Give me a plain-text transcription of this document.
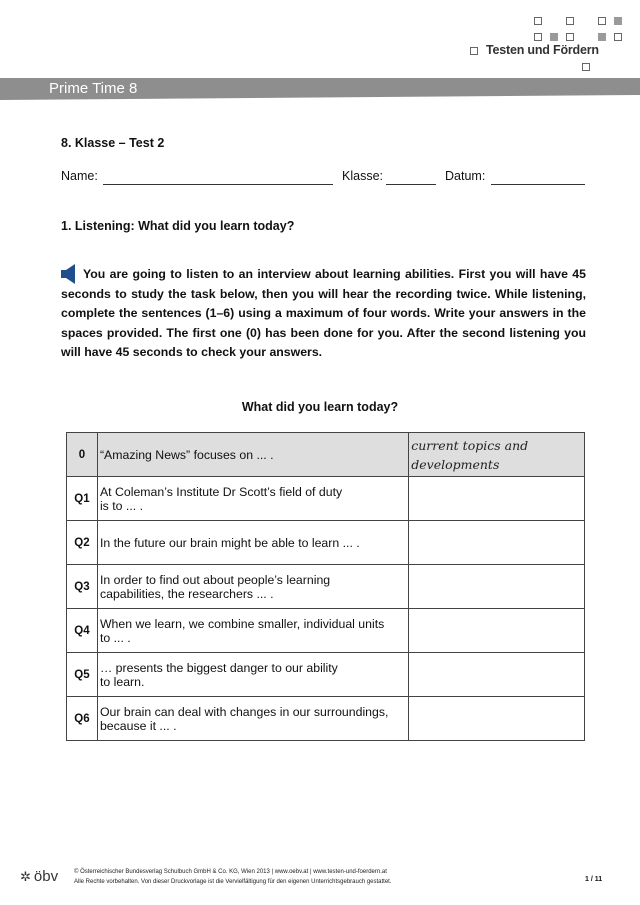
Testen und Fördern
Prime Time 8
8. Klasse – Test 2
Name:	Klasse:	Datum:
1. Listening: What did you learn today?
You are going to listen to an interview about learning abilities. First you will have 45 seconds to study the task below, then you will hear the recording twice. While listening, complete the sentences (1–6) using a maximum of four words. Write your answers in the spaces provided. The first one (0) has been done for you. After the second listening you will have 45 seconds to check your answers.
What did you learn today?
0	“Amazing News” focuses on ... .	current topics and developments

Q1	At Coleman’s Institute Dr Scott’s field of duty
is to ... .	

Q2	In the future our brain might be able to learn ... .	

Q3	In order to find out about people’s learning
capabilities, the researchers ... .	

Q4	When we learn, we combine smaller, individual units
to ... .	

Q5	… presents the biggest danger to our ability
to learn.	

Q6	Our brain can deal with changes in our surroundings,
because it ... .	

✲ öbv	© Österreichischer Bundesverlag Schulbuch GmbH & Co. KG, Wien 2013 | www.oebv.at | www.testen-und-foerdern.at
Alle Rechte vorbehalten. Von dieser Druckvorlage ist die Vervielfältigung für den eigenen Unterrichtsgebrauch gestattet.	1 / 11
